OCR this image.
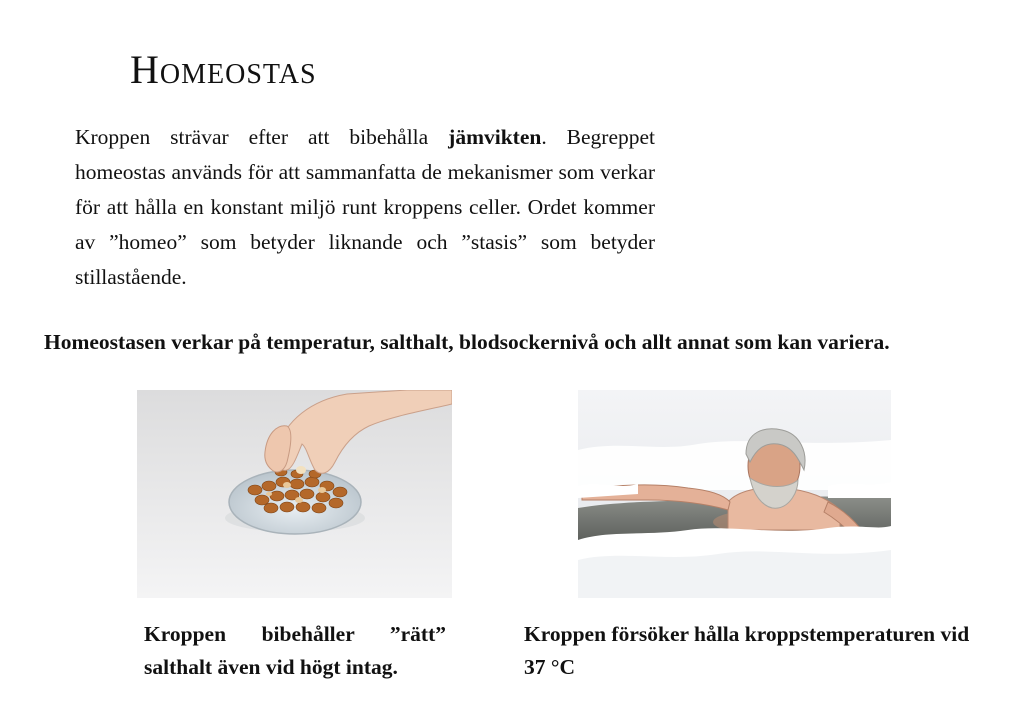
Homeostas

Kroppen strävar efter att bibehålla jämvikten. Begreppet homeostas används för att sammanfatta de mekanismer som verkar för att hålla en konstant miljö runt kroppens celler. Ordet kommer av ”homeo” som betyder liknande och ”stasis” som betyder stillastående.

Homeostasen verkar på temperatur, salthalt, blodsockernivå och allt annat som kan variera.

Kroppen bibehåller ”rätt” salthalt även vid högt intag.

Kroppen försöker hålla kroppstemperaturen vid 37 °C
